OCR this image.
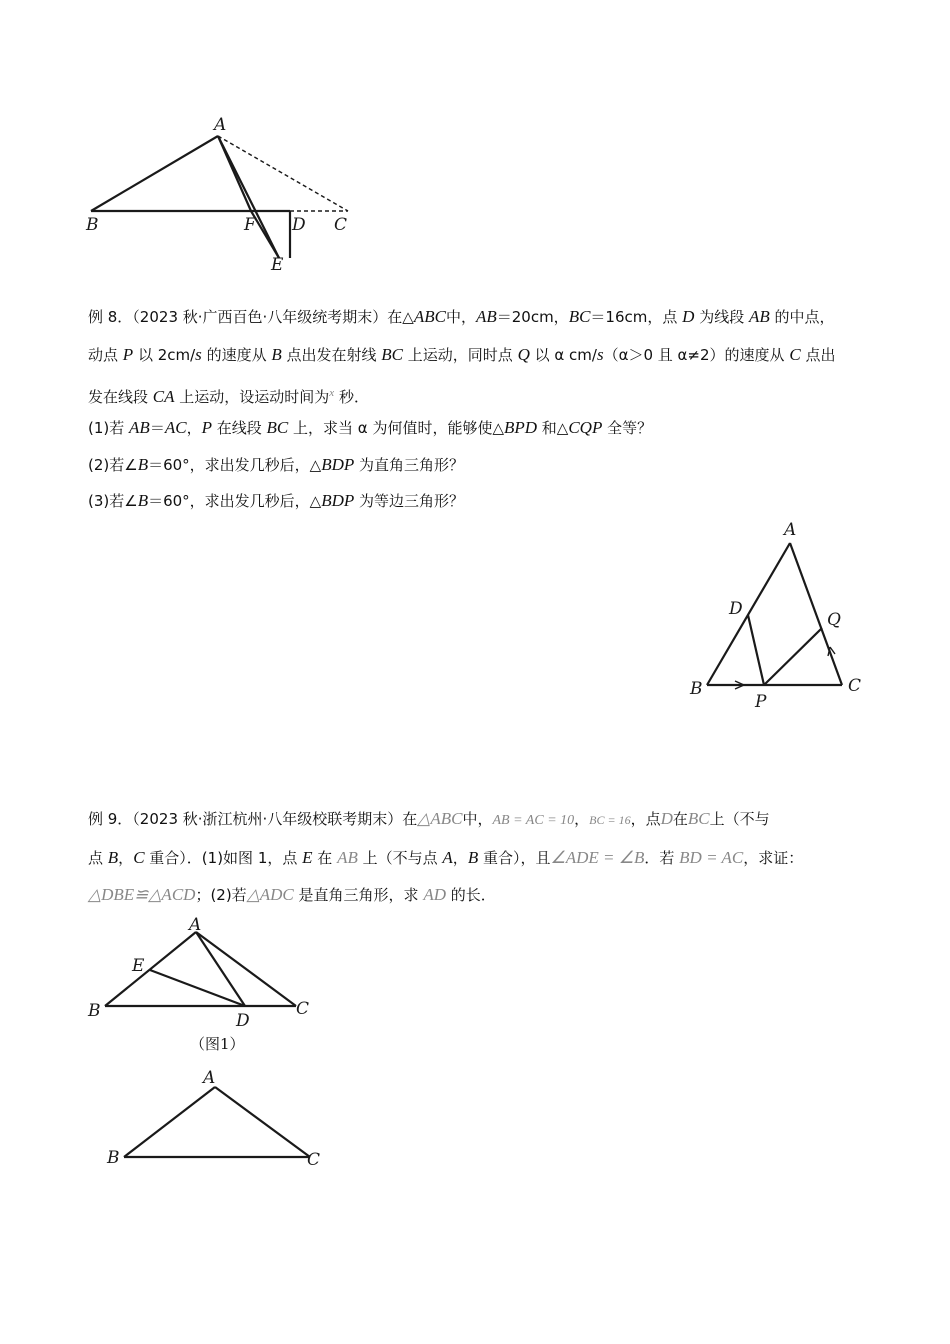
A
B	F D C
E
例 8．（2023 秋·广西百色·八年级统考期末）在△ABC中，AB＝20cm，BC＝16cm，点 D 为线段 AB 的中点，
动点 P 以 2cm/s 的速度从 B 点出发在射线 BC 上运动，同时点 Q 以 α cm/s（α＞0 且 α≠2）的速度从 C 点出
发在线段 CA 上运动，设运动时间为$^x$ 秒．
(1)若 AB＝AC，P 在线段 BC 上，求当 α 为何值时，能够使△BPD 和△CQP 全等？
(2)若∠B＝60°，求出发几秒后，△BDP 为直角三角形？
(3)若∠B＝60°，求出发几秒后，△BDP 为等边三角形？
A
D
Q
B
P
C
例 9．（2023 秋·浙江杭州·八年级校联考期末）在△ABC中，AB = AC = 10，BC = 16，点D在BC上（不与
点 B，C 重合）．(1)如图 1，点 E 在 AB 上（不与点 A，B 重合），且∠ADE = ∠B．若 BD = AC，求证：
△DBE≌△ACD；(2)若△ADC 是直角三角形，求 AD 的长．
A
E
B	D
C
（图1）
A
B	C
